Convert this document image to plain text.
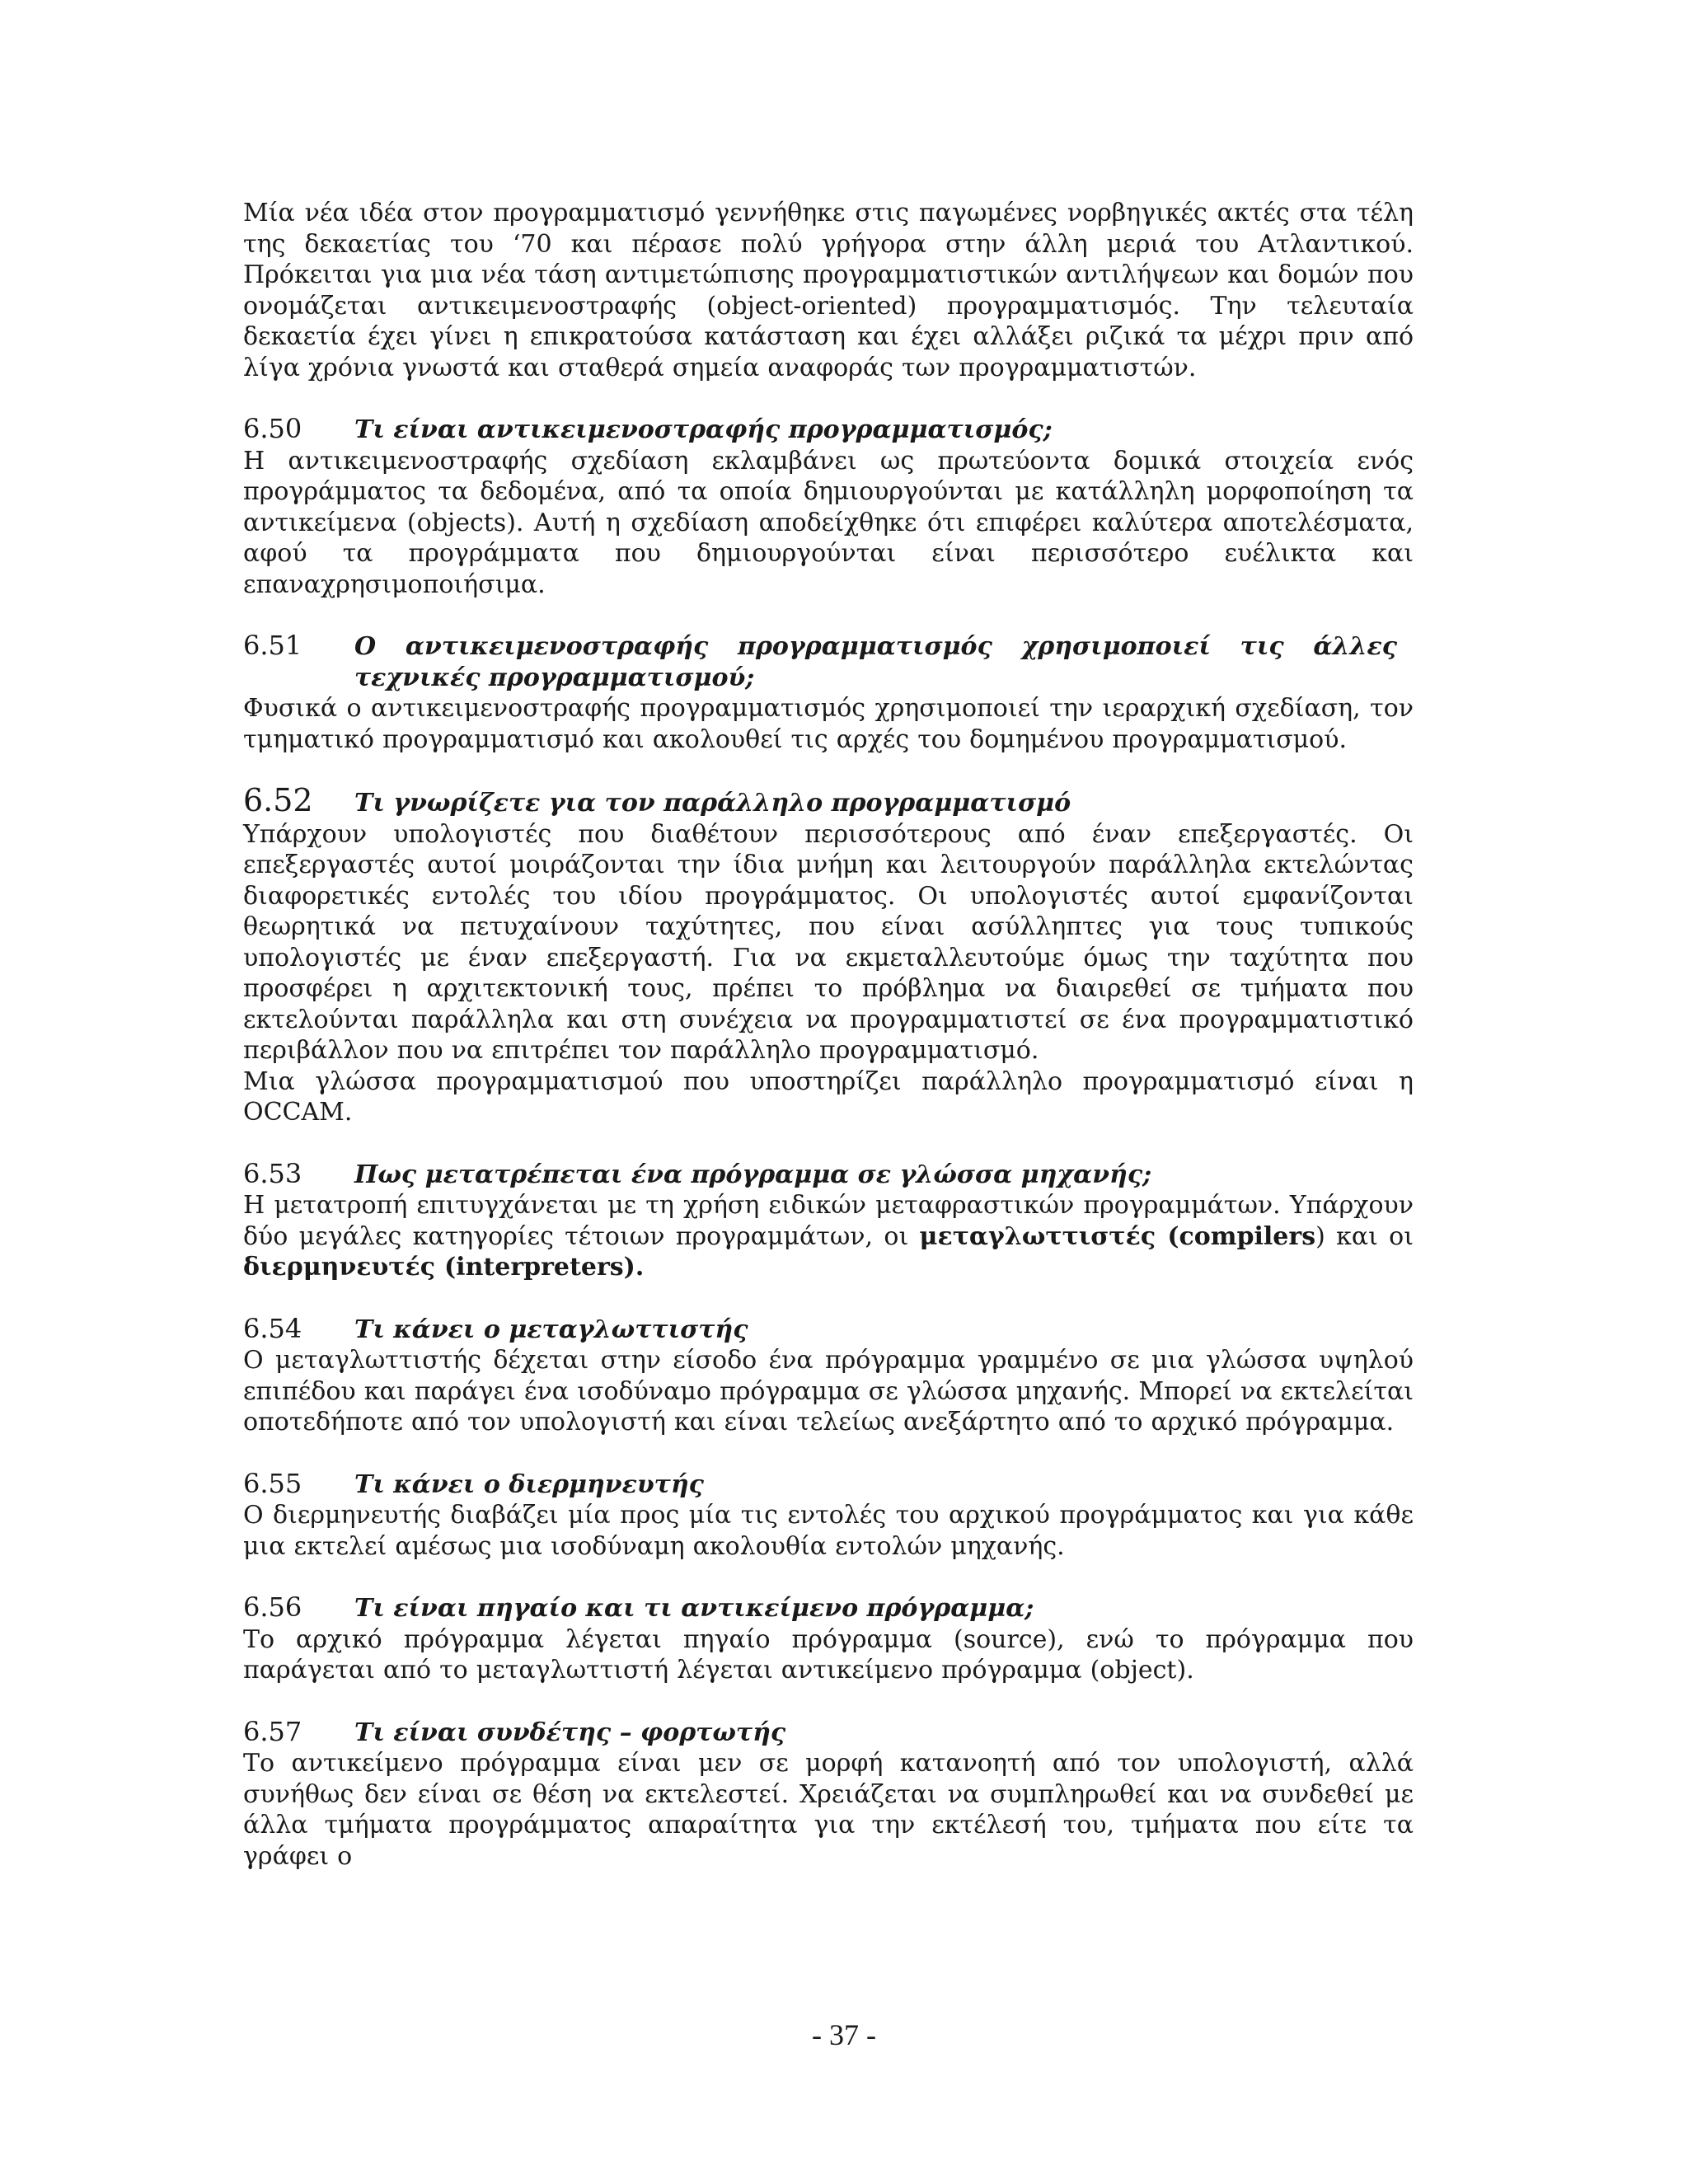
Μία νέα ιδέα στον προγραμματισμό γεννήθηκε στις παγωμένες νορβηγικές ακτές στα τέλη της δεκαετίας του ‘70 και πέρασε πολύ γρήγορα στην άλλη μεριά του Ατλαντικού. Πρόκειται για μια νέα τάση αντιμετώπισης προγραμματιστικών αντιλήψεων και δομών που ονομάζεται αντικειμενοστραφής (object-oriented) προγραμματισμός. Την τελευταία δεκαετία έχει γίνει η επικρατούσα κατάσταση και έχει αλλάξει ριζικά τα μέχρι πριν από λίγα χρόνια γνωστά και σταθερά σημεία αναφοράς των προγραμματιστών.

6.50	Τι είναι αντικειμενοστραφής προγραμματισμός;

Η αντικειμενοστραφής σχεδίαση εκλαμβάνει ως πρωτεύοντα δομικά στοιχεία ενός προγράμματος τα δεδομένα, από τα οποία δημιουργούνται με κατάλληλη μορφοποίηση τα αντικείμενα (objects). Αυτή η σχεδίαση αποδείχθηκε ότι επιφέρει καλύτερα αποτελέσματα, αφού τα προγράμματα που δημιουργούνται είναι περισσότερο ευέλικτα και επαναχρησιμοποιήσιμα.

6.51	Ο αντικειμενοστραφής προγραμματισμός χρησιμοποιεί τις άλλες τεχνικές προγραμματισμού;

Φυσικά ο αντικειμενοστραφής προγραμματισμός χρησιμοποιεί την ιεραρχική σχεδίαση, τον τμηματικό προγραμματισμό και ακολουθεί τις αρχές του δομημένου προγραμματισμού.

6.52	Τι γνωρίζετε για τον παράλληλο προγραμματισμό

Υπάρχουν υπολογιστές που διαθέτουν περισσότερους από έναν επεξεργαστές. Οι επεξεργαστές αυτοί μοιράζονται την ίδια μνήμη και λειτουργούν παράλληλα εκτελώντας διαφορετικές εντολές του ιδίου προγράμματος. Οι υπολογιστές αυτοί εμφανίζονται θεωρητικά να πετυχαίνουν ταχύτητες, που είναι ασύλληπτες για τους τυπικούς υπολογιστές με έναν επεξεργαστή. Για να εκμεταλλευτούμε όμως την ταχύτητα που προσφέρει η αρχιτεκτονική τους, πρέπει το πρόβλημα να διαιρεθεί σε τμήματα που εκτελούνται παράλληλα και στη συνέχεια να προγραμματιστεί σε ένα προγραμματιστικό περιβάλλον που να επιτρέπει τον παράλληλο προγραμματισμό.

Μια γλώσσα προγραμματισμού που υποστηρίζει παράλληλο προγραμματισμό είναι η OCCAM.

6.53	Πως μετατρέπεται ένα πρόγραμμα σε γλώσσα μηχανής;

Η μετατροπή επιτυγχάνεται με τη χρήση ειδικών μεταφραστικών προγραμμάτων. Υπάρχουν δύο μεγάλες κατηγορίες τέτοιων προγραμμάτων, οι μεταγλωττιστές (compilers) και οι διερμηνευτές (interpreters).

6.54	Τι κάνει ο μεταγλωττιστής

Ο μεταγλωττιστής δέχεται στην είσοδο ένα πρόγραμμα γραμμένο σε μια γλώσσα υψηλού επιπέδου και παράγει ένα ισοδύναμο πρόγραμμα σε γλώσσα μηχανής. Μπορεί να εκτελείται οποτεδήποτε από τον υπολογιστή και είναι τελείως ανεξάρτητο από το αρχικό πρόγραμμα.

6.55	Τι κάνει ο διερμηνευτής

Ο διερμηνευτής διαβάζει μία προς μία τις εντολές του αρχικού προγράμματος και για κάθε μια εκτελεί αμέσως μια ισοδύναμη ακολουθία εντολών μηχανής.

6.56	Τι είναι πηγαίο και τι αντικείμενο πρόγραμμα;

Το αρχικό πρόγραμμα λέγεται πηγαίο πρόγραμμα (source), ενώ το πρόγραμμα που παράγεται από το μεταγλωττιστή λέγεται αντικείμενο πρόγραμμα (object).

6.57	Τι είναι συνδέτης – φορτωτής

Το αντικείμενο πρόγραμμα είναι μεν σε μορφή κατανοητή από τον υπολογιστή, αλλά συνήθως δεν είναι σε θέση να εκτελεστεί. Χρειάζεται να συμπληρωθεί και να συνδεθεί με άλλα τμήματα προγράμματος απαραίτητα για την εκτέλεσή του, τμήματα που είτε τα γράφει ο

- 37 -
